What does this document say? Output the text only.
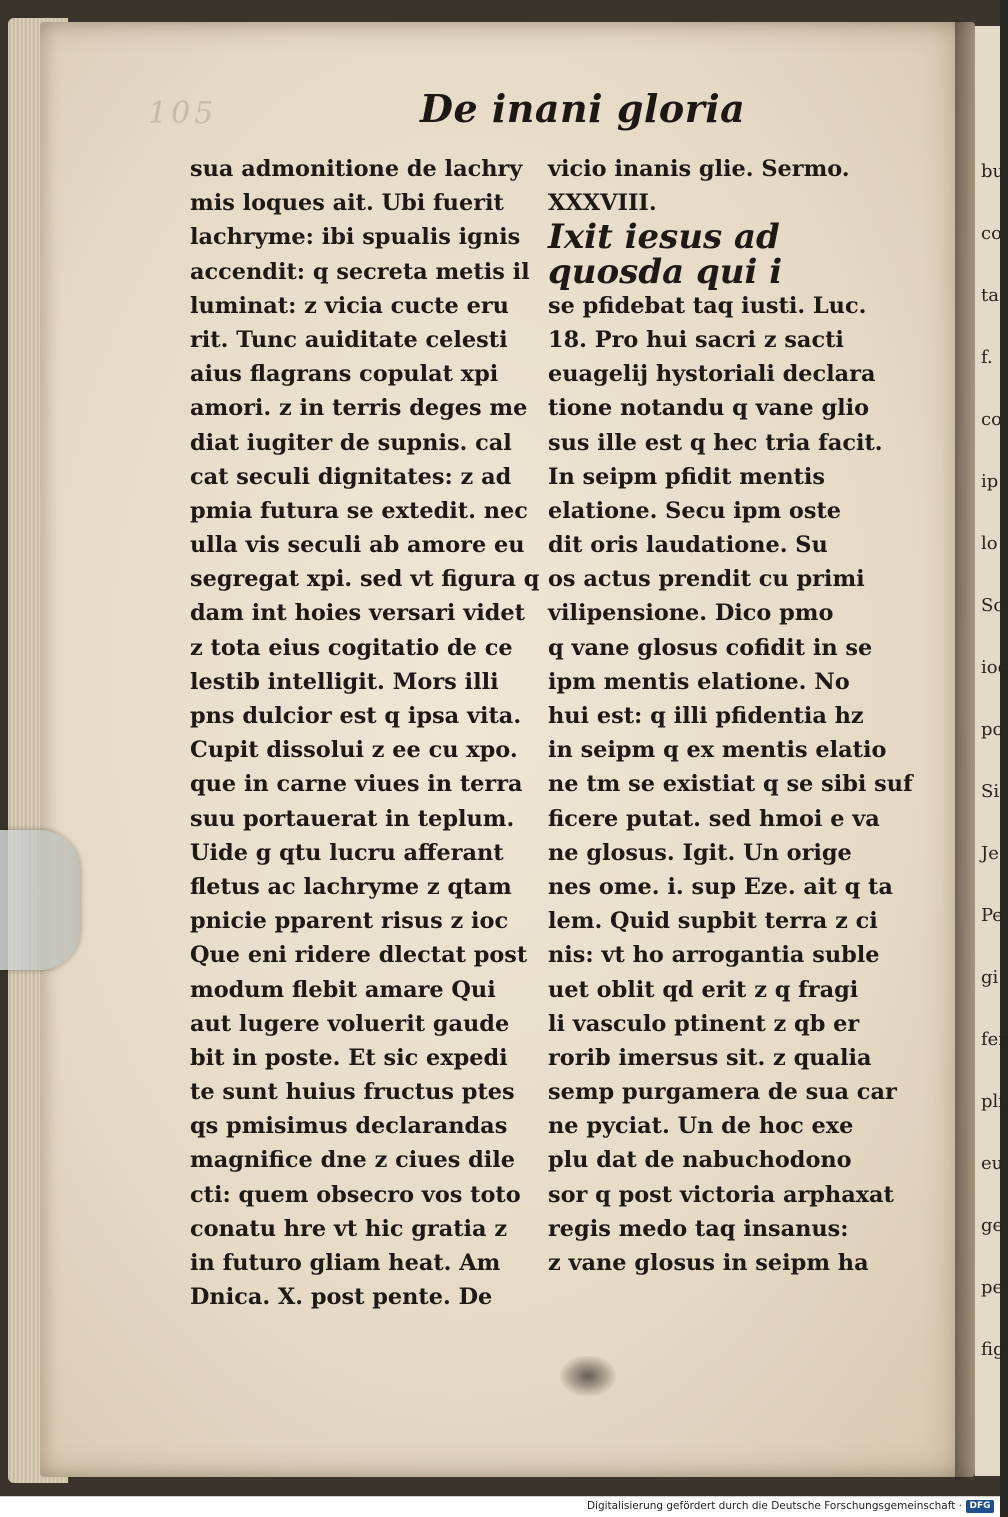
bu
co
ta
f.
co
ip
lo
Sc
ioc
po
Si
Je
Pe
gi
fer
pli
eu
ge
pe
fig
105	De inani gloria
sua admonitione de lachry
mis loques ait. Ubi fuerit
lachryme: ibi spualis ignis
accendit: q secreta metis il
luminat: z vicia cucte eru
rit. Tunc auiditate celesti
aius flagrans copulat xpi
amori. z in terris deges me
diat iugiter de supnis. cal
cat seculi dignitates: z ad
pmia futura se extedit. nec
ulla vis seculi ab amore eu
segregat xpi. sed vt figura q
dam int hoies versari videt
z tota eius cogitatio de ce
lestib intelligit. Mors illi
pns dulcior est q ipsa vita.
Cupit dissolui z ee cu xpo.
que in carne viues in terra
suu portauerat in teplum.
Uide g qtu lucru afferant
fletus ac lachryme z qtam
pnicie pparent risus z ioc
Que eni ridere dlectat post
modum flebit amare Qui
aut lugere voluerit gaude
bit in poste. Et sic expedi
te sunt huius fructus ptes
qs pmisimus declarandas
magnifice dne z ciues dile
cti: quem obsecro vos toto
conatu hre vt hic gratia z
in futuro gliam heat. Am
Dnica. X. post pente. De
vicio inanis glie. Sermo.
XXXVIII.
Ixit iesus ad
quosda qui i
se pfidebat taq iusti. Luc.
18. Pro hui sacri z sacti
euagelij hystoriali declara
tione notandu q vane glio
sus ille est q hec tria facit.
In seipm pfidit mentis
elatione. Secu ipm oste
dit oris laudatione. Su
os actus prendit cu primi
vilipensione. Dico pmo
q vane glosus cofidit in se
ipm mentis elatione. No
hui est: q illi pfidentia hz
in seipm q ex mentis elatio
ne tm se existiat q se sibi suf
ficere putat. sed hmoi e va
ne glosus. Igit. Un orige
nes ome. i. sup Eze. ait q ta
lem. Quid supbit terra z ci
nis: vt ho arrogantia suble
uet oblit qd erit z q fragi
li vasculo ptinent z qb er
rorib imersus sit. z qualia
semp purgamera de sua car
ne pyciat. Un de hoc exe
plu dat de nabuchodono
sor q post victoria arphaxat
regis medo taq insanus:
z vane glosus in seipm ha
Digitalisierung gefördert durch die Deutsche Forschungsgemeinschaft · DFG
